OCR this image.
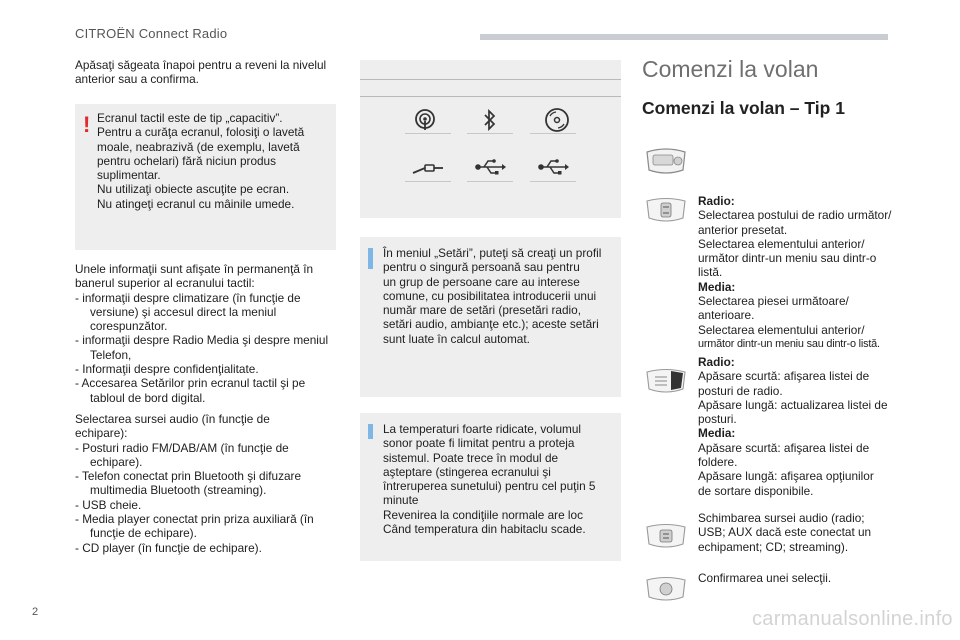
CITROËN Connect Radio
Apăsaţi săgeata înapoi pentru a reveni la nivelul anterior sau a confirma.
! Ecranul tactil este de tip „capacitiv”.

Pentru a curăţa ecranul, folosiţi o lavetă

moale, neabrazivă (de exemplu, lavetă

pentru ochelari) fără niciun produs

suplimentar.

Nu utilizaţi obiecte ascuţite pe ecran.

Nu atingeţi ecranul cu mâinile umede.

Unele informaţii sunt afişate în permanenţă în

banerul superior al ecranului tactil:

- informaţii despre climatizare (în funcţie de versiune) şi accesul direct la meniul corespunzător.

- informaţii despre Radio Media şi despre meniul Telefon,

- Informaţii despre confidenţialitate.

- Accesarea Setărilor prin ecranul tactil şi pe tabloul de bord digital.

Selectarea sursei audio (în funcţie de

echipare):

- Posturi radio FM/DAB/AM (în funcţie de echipare).

- Telefon conectat prin Bluetooth şi difuzare multimedia Bluetooth (streaming).

- USB cheie.

- Media player conectat prin priza auxiliară (în funcţie de echipare).

- CD player (în funcţie de echipare).

În meniul „Setări”, puteţi să creaţi un profil

pentru o singură persoană sau pentru

un grup de persoane care au interese

comune, cu posibilitatea introducerii unui

număr mare de setări (presetări radio,

setări audio, ambianţe etc.); aceste setări

sunt luate în calcul automat.

La temperaturi foarte ridicate, volumul

sonor poate fi limitat pentru a proteja

sistemul. Poate trece în modul de

aşteptare (stingerea ecranului şi

întreruperea sunetului) pentru cel puţin 5

minute

Revenirea la condiţiile normale are loc

Când temperatura din habitaclu scade.

Comenzi la volan
Comenzi la volan – Tip 1

Radio:

Selectarea postului de radio următor/

anterior presetat.

Selectarea elementului anterior/

următor dintr-un meniu sau dintr-o

listă.

Media:

Selectarea piesei următoare/

anterioare.

Selectarea elementului anterior/

următor dintr-un meniu sau dintr-o listă.

Radio:

Apăsare scurtă: afişarea listei de

posturi de radio.

Apăsare lungă: actualizarea listei de

posturi.

Media:

Apăsare scurtă: afişarea listei de

foldere.

Apăsare lungă: afişarea opţiunilor

de sortare disponibile.

Schimbarea sursei audio (radio;

USB; AUX dacă este conectat un

echipament; CD; streaming).

Confirmarea unei selecţii.

2	carmanualsonline.info
